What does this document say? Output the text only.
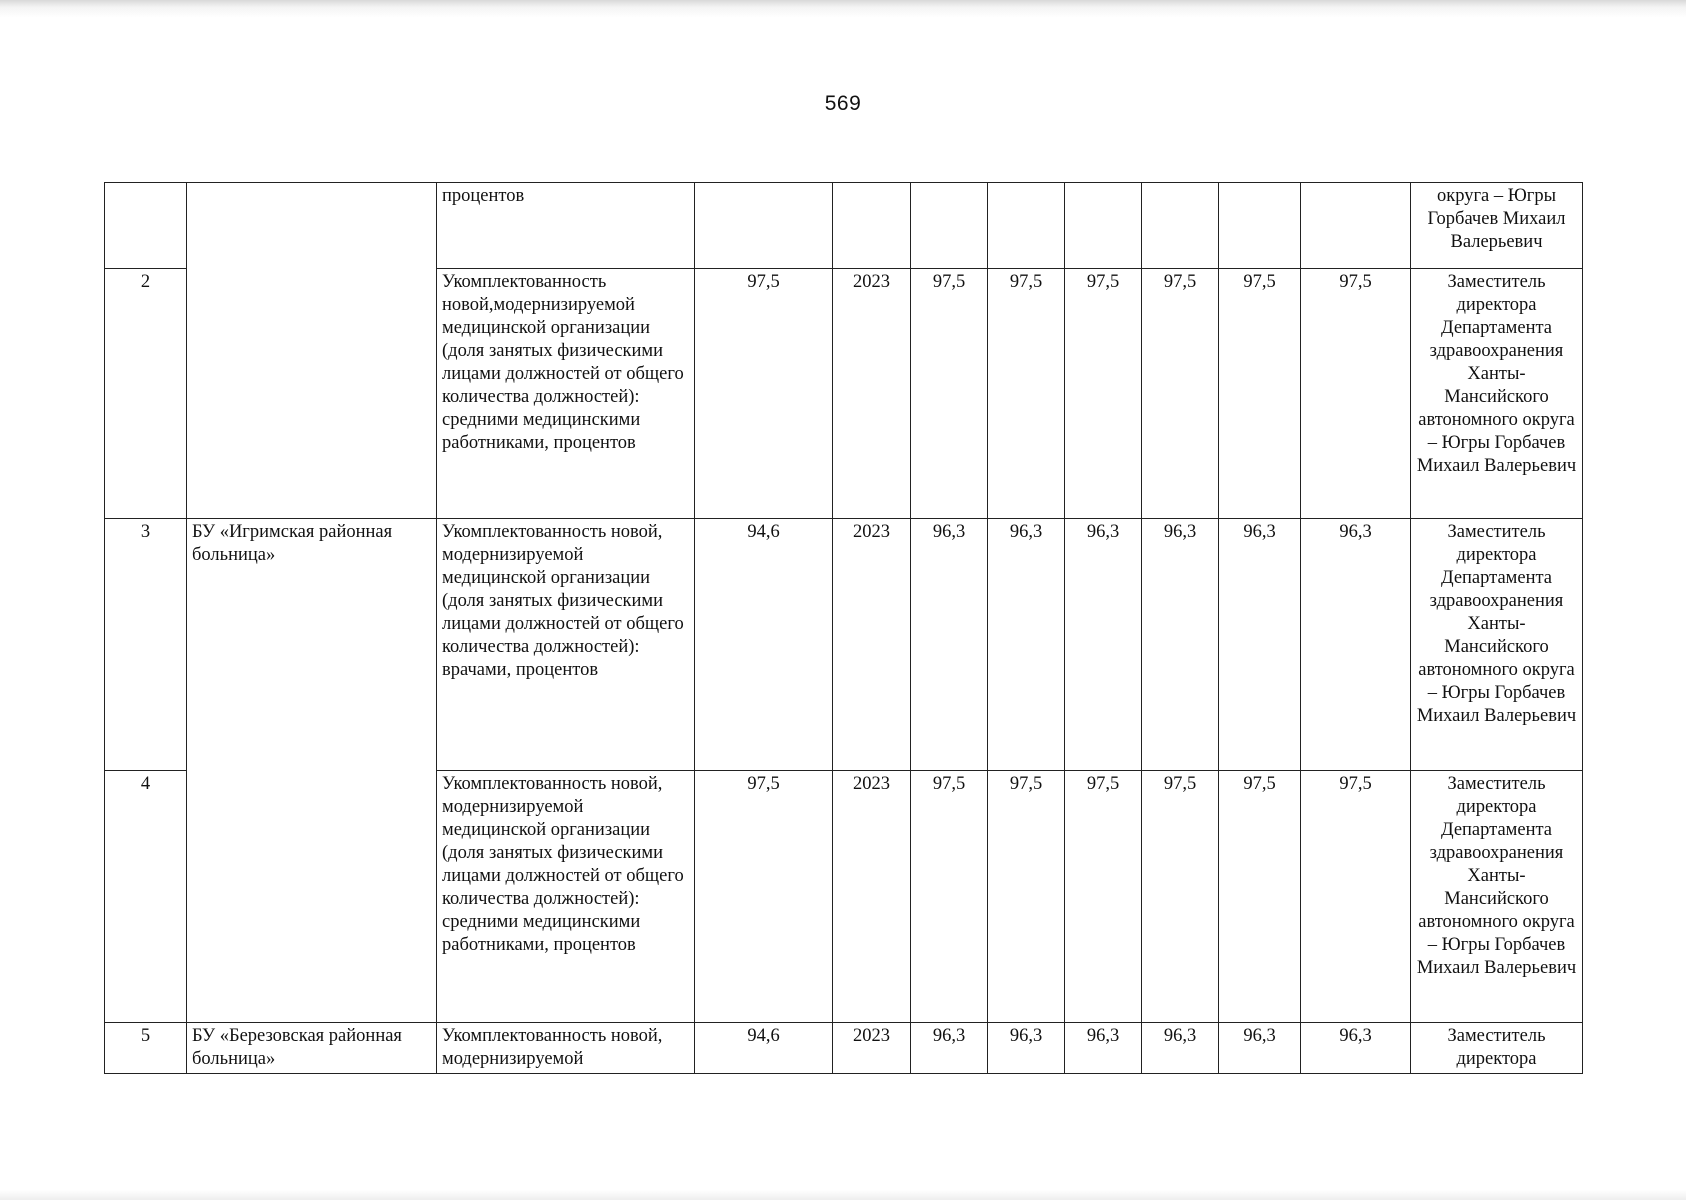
569
		процентов									округа – Югры Горбачев Михаил Валерьевич
2		Укомплектованность новой,модернизируемой медицинской организации (доля занятых физическими лицами должностей от общего количества должностей): средними медицинскими работниками, процентов	97,5	2023	97,5	97,5	97,5	97,5	97,5	97,5	Заместитель директора Департамента здравоохранения Ханты-Мансийского автономного округа – Югры Горбачев Михаил Валерьевич
3	БУ «Игримская районная больница»	Укомплектованность новой, модернизируемой медицинской организации (доля занятых физическими лицами должностей от общего количества должностей): врачами, процентов	94,6	2023	96,3	96,3	96,3	96,3	96,3	96,3	Заместитель директора Департамента здравоохранения Ханты-Мансийского автономного округа – Югры Горбачев Михаил Валерьевич
4		Укомплектованность новой, модернизируемой медицинской организации (доля занятых физическими лицами должностей от общего количества должностей): средними медицинскими работниками, процентов	97,5	2023	97,5	97,5	97,5	97,5	97,5	97,5	Заместитель директора Департамента здравоохранения Ханты-Мансийского автономного округа – Югры Горбачев Михаил Валерьевич
5	БУ «Березовская районная больница»	Укомплектованность новой, модернизируемой	94,6	2023	96,3	96,3	96,3	96,3	96,3	96,3	Заместитель директора
